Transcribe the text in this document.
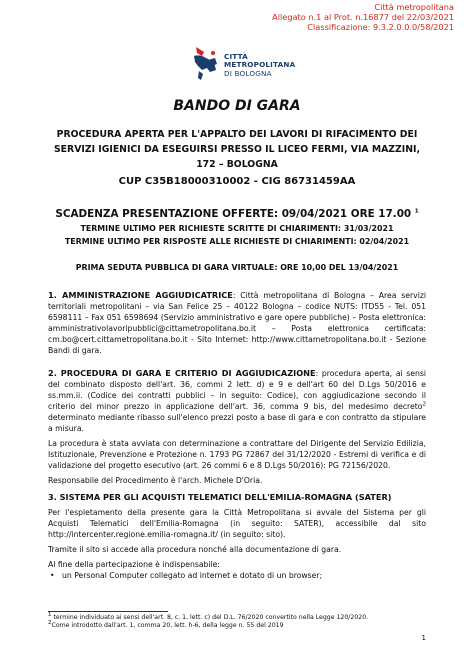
Città metropolitana
Allegato n.1 al Prot. n.16877 del 22/03/2021
Classificazione: 9.3.2.0.0.0/58/2021
CITTÀ
METROPOLITANA
DI BOLOGNA
BANDO DI GARA
PROCEDURA APERTA PER L'APPALTO DEI LAVORI DI RIFACIMENTO DEI SERVIZI IGIENICI DA ESEGUIRSI PRESSO IL LICEO FERMI, VIA MAZZINI, 172 – BOLOGNA
CUP C35B18000310002 - CIG 86731459AA
SCADENZA PRESENTAZIONE OFFERTE: 09/04/2021 ORE 17.00 $^1$
TERMINE ULTIMO PER RICHIESTE SCRITTE DI CHIARIMENTI: 31/03/2021
TERMINE ULTIMO PER RISPOSTE ALLE RICHIESTE DI CHIARIMENTI: 02/04/2021
PRIMA SEDUTA PUBBLICA DI GARA VIRTUALE: ORE 10,00 DEL 13/04/2021
1. AMMINISTRAZIONE AGGIUDICATRICE: Città metropolitana di Bologna – Area servizi territoriali metropolitani – via San Felice 25 – 40122 Bologna – codice NUTS: ITD55 - Tel. 051 6598111 – Fax 051 6598694 (Servizio amministrativo e gare opere pubbliche) – Posta elettronica: amministrativolavoripubblici@cittametropolitana.bo.it – Posta elettronica certificata: cm.bo@cert.cittametropolitana.bo.it - Sito Internet: http://www.cittametropolitana.bo.it - Sezione Bandi di gara.
2. PROCEDURA DI GARA E CRITERIO DI AGGIUDICAZIONE: procedura aperta, ai sensi del combinato disposto dell'art. 36, commi 2 lett. d) e 9 e dell'art 60 del D.Lgs 50/2016 e ss.mm.ii. (Codice dei contratti pubblici – in seguito: Codice), con aggiudicazione secondo il criterio del minor prezzo in applicazione dell'art. 36, comma 9 bis, del medesimo decreto$^2$ determinato mediante ribasso sull'elenco prezzi posto a base di gara e con contratto da stipulare a misura.
La procedura è stata avviata con determinazione a contrattare del Dirigente del Servizio Edilizia, Istituzionale, Prevenzione e Protezione n. 1793 PG 72867 del 31/12/2020 - Estremi di verifica e di validazione del progetto esecutivo (art. 26 commi 6 e 8 D.Lgs 50/2016): PG 72156/2020.
Responsabile del Procedimento è l'arch. Michele D'Oria.
3. SISTEMA PER GLI ACQUISTI TELEMATICI DELL'EMILIA-ROMAGNA (SATER)
Per l'espletamento della presente gara la Città Metropolitana si avvale del Sistema per gli Acquisti Telematici dell'Emilia-Romagna (in seguito: SATER), accessibile dal sito http://intercenter.regione.emilia-romagna.it/ (in seguito: sito).
Tramite il sito si accede alla procedura nonché alla documentazione di gara.
Al fine della partecipazione è indispensabile:
• un Personal Computer collegato ad internet e dotato di un browser;
$^1$ termine individuato ai sensi dell'art. 8, c. 1, lett. c) del D.L. 76/2020 convertito nella Legge 120/2020.
$^2$Come introdotto dall'art. 1, comma 20, lett. h-6, della legge n. 55 del 2019
1
